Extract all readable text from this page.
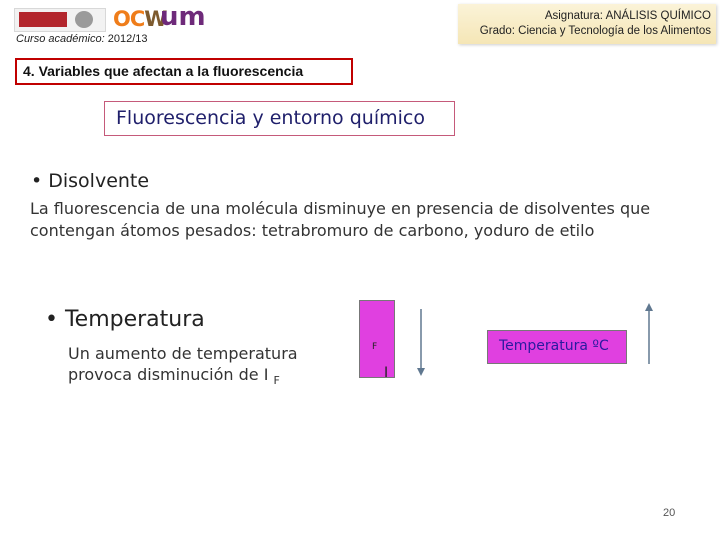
OCW
um
Curso académico: 2012/13
Asignatura: ANÁLISIS QUÍMICO
Grado: Ciencia y Tecnología de los Alimentos
4. Variables que afectan a la fluorescencia
Fluorescencia y entorno químico
• Disolvente
La fluorescencia de una molécula disminuye en presencia de disolventes que contengan átomos pesados: tetrabromuro de carbono, yoduro de etilo
• Temperatura
Un aumento de temperatura provoca disminución de I $_F$	I
$_F$	Temperatura ºC
20
